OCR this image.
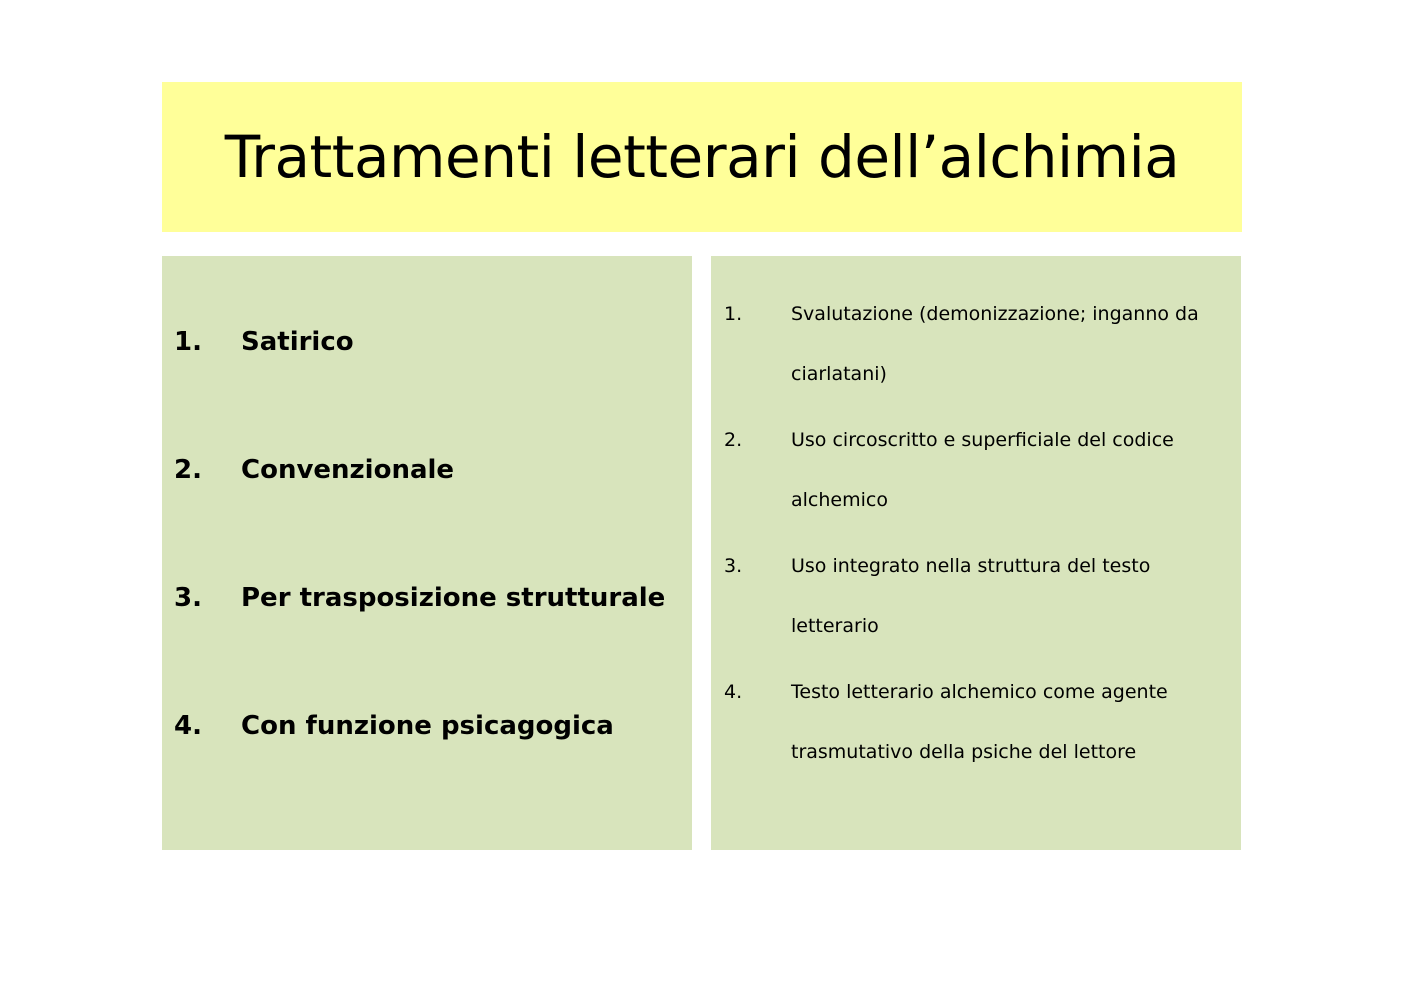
Trattamenti letterari dell’alchimia
1.	Satirico
2.	Convenzionale
3.	Per trasposizione strutturale
4.	Con funzione psicagogica
1.	Svalutazione (demonizzazione; inganno da ciarlatani)
2.	Uso circoscritto e superficiale del codice alchemico
3.	Uso integrato nella struttura del testo letterario
4.	Testo letterario alchemico come agente trasmutativo della psiche del lettore
